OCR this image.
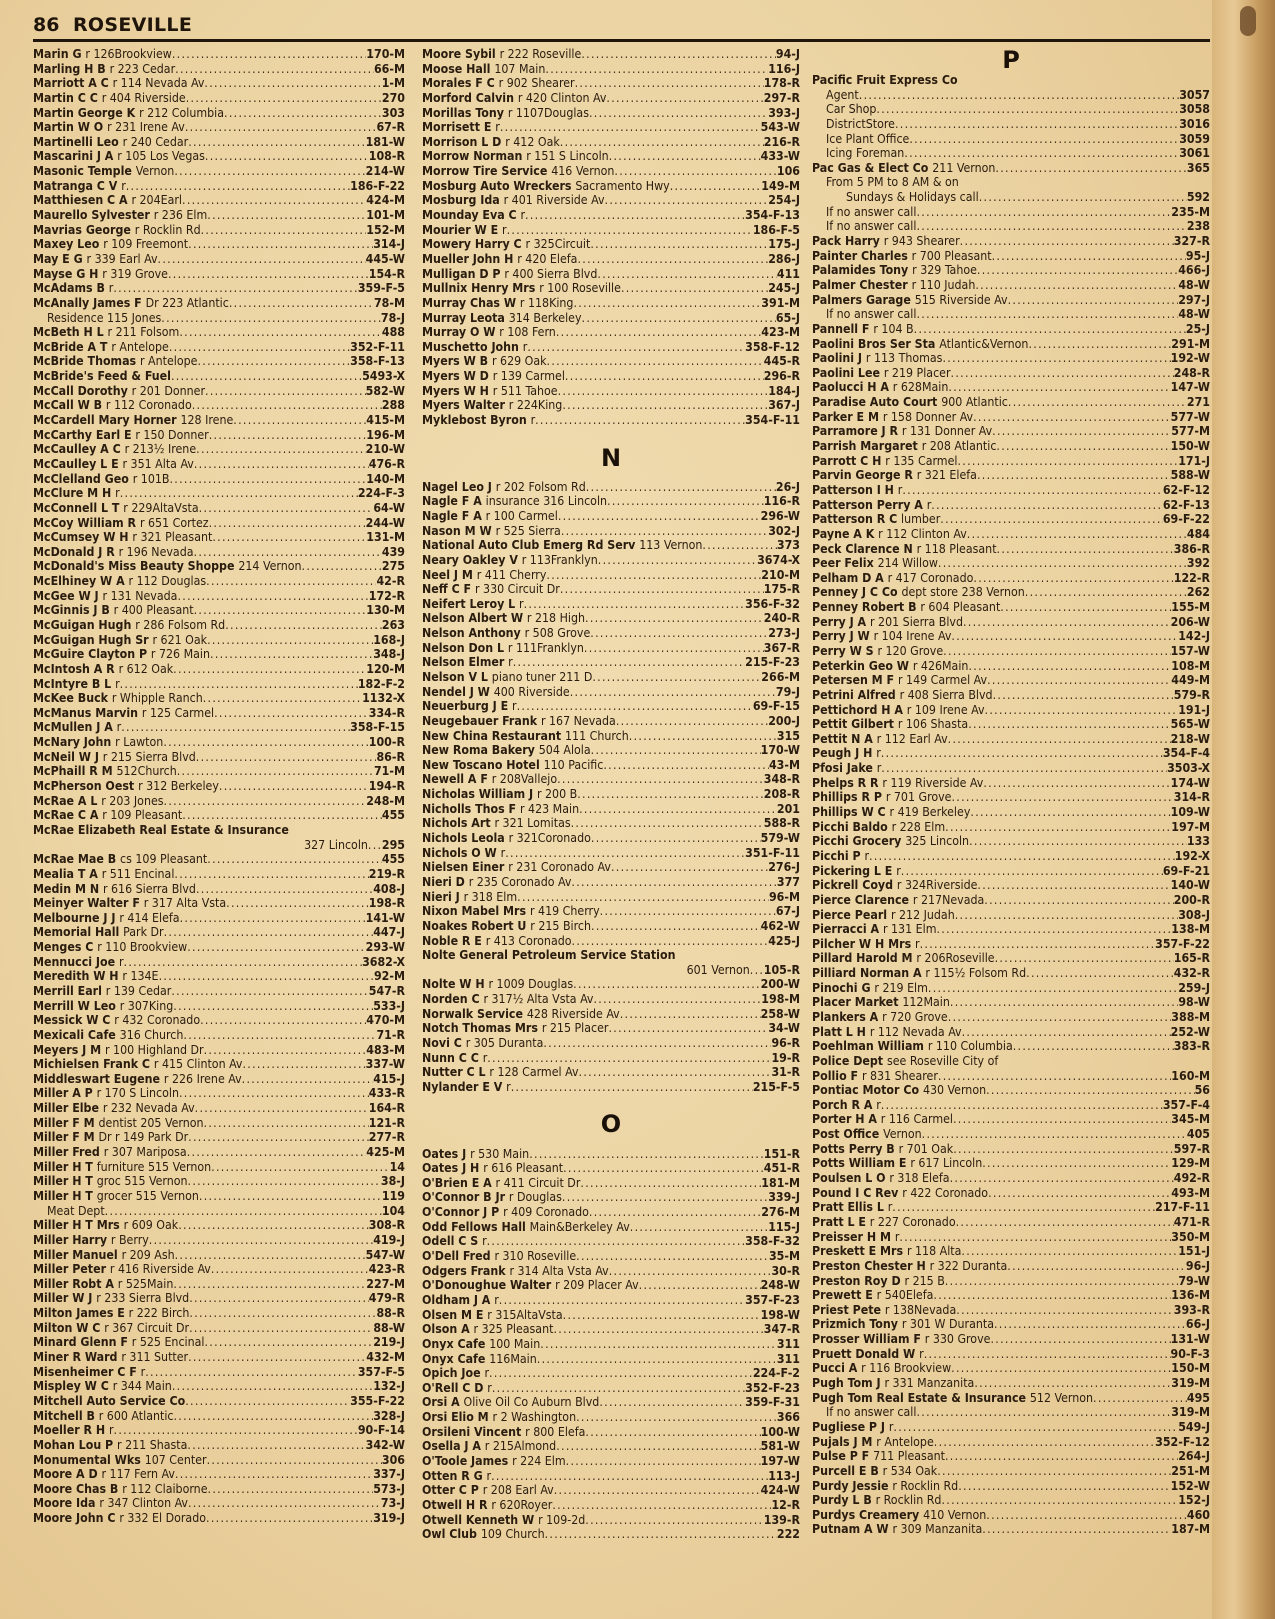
86 ROSEVILLE
Marin G r 126Brookview .....	170-M
Marling H B r 223 Cedar .....	66-M
Marriott A C r 114 Nevada Av .....	1-M
Martin C C r 404 Riverside .....	270
Martin George K r 212 Columbia .....	303
Martin W O r 231 Irene Av .....	67-R
Martinelli Leo r 240 Cedar .....	181-W
Mascarini J A r 105 Los Vegas .....	108-R
Masonic Temple Vernon .....	214-W
Matranga C V r .....	186-F-22
Matthiesen C A r 204Earl .....	424-M
Maurello Sylvester r 236 Elm .....	101-M
Mavrias George r Rocklin Rd .....	152-M
Maxey Leo r 109 Freemont .....	314-J
May E G r 339 Earl Av .....	445-W
Mayse G H r 319 Grove .....	154-R
McAdams B r .....	359-F-5
McAnally James F Dr 223 Atlantic .....	78-M
Residence 115 Jones .....	78-J
McBeth H L r 211 Folsom .....	488
McBride A T r Antelope .....	352-F-11
McBride Thomas r Antelope .....	358-F-13
McBride's Feed & Fuel .....	5493-X
McCall Dorothy r 201 Donner .....	582-W
McCall W B r 112 Coronado .....	288
McCardell Mary Horner 128 Irene .....	415-M
McCarthy Earl E r 150 Donner .....	196-M
McCaulley A C r 213½ Irene .....	210-W
McCaulley L E r 351 Alta Av .....	476-R
McClelland Geo r 101B .....	140-M
McClure M H r .....	224-F-3
McConnell L T r 229AltaVsta .....	64-W
McCoy William R r 651 Cortez .....	244-W
McCumsey W H r 321 Pleasant .....	131-M
McDonald J R r 196 Nevada .....	439
McDonald's Miss Beauty Shoppe 214 Vernon .....	275
McElhiney W A r 112 Douglas .....	42-R
McGee W J r 131 Nevada .....	172-R
McGinnis J B r 400 Pleasant .....	130-M
McGuigan Hugh r 286 Folsom Rd .....	263
McGuigan Hugh Sr r 621 Oak .....	168-J
McGuire Clayton P r 726 Main .....	348-J
McIntosh A R r 612 Oak .....	120-M
McIntyre B L r .....	182-F-2
McKee Buck r Whipple Ranch .....	1132-X
McManus Marvin r 125 Carmel .....	334-R
McMullen J A r .....	358-F-15
McNary John r Lawton .....	100-R
McNeil W J r 215 Sierra Blvd .....	86-R
McPhaill R M 512Church .....	71-M
McPherson Oest r 312 Berkeley .....	194-R
McRae A L r 203 Jones .....	248-M
McRae C A r 109 Pleasant .....	455
McRae Elizabeth Real Estate & Insurance
327 Lincoln ..... 295
McRae Mae B cs 109 Pleasant .....	455
Mealia T A r 511 Encinal .....	219-R
Medin M N r 616 Sierra Blvd .....	408-J
Meinyer Walter F r 317 Alta Vsta .....	198-R
Melbourne J J r 414 Elefa .....	141-W
Memorial Hall Park Dr .....	447-J
Menges C r 110 Brookview .....	293-W
Mennucci Joe r .....	3682-X
Meredith W H r 134E .....	92-M
Merrill Earl r 139 Cedar .....	547-R
Merrill W Leo r 307King .....	533-J
Messick W C r 432 Coronado .....	470-M
Mexicali Cafe 316 Church .....	71-R
Meyers J M r 100 Highland Dr .....	483-M
Michielsen Frank C r 415 Clinton Av .....	337-W
Middleswart Eugene r 226 Irene Av .....	415-J
Miller A P r 170 S Lincoln .....	433-R
Miller Elbe r 232 Nevada Av .....	164-R
Miller F M dentist 205 Vernon .....	121-R
Miller F M Dr r 149 Park Dr .....	277-R
Miller Fred r 307 Mariposa .....	425-M
Miller H T furniture 515 Vernon .....	14
Miller H T groc 515 Vernon .....	38-J
Miller H T grocer 515 Vernon .....	119
Meat Dept .....	104
Miller H T Mrs r 609 Oak .....	308-R
Miller Harry r Berry .....	419-J
Miller Manuel r 209 Ash .....	547-W
Miller Peter r 416 Riverside Av .....	423-R
Miller Robt A r 525Main .....	227-M
Miller W J r 233 Sierra Blvd .....	479-R
Milton James E r 222 Birch .....	88-R
Milton W C r 367 Circuit Dr .....	88-W
Minard Glenn F r 525 Encinal .....	219-J
Miner R Ward r 311 Sutter .....	432-M
Misenheimer C F r .....	357-F-5
Mispley W C r 344 Main .....	132-J
Mitchell Auto Service Co .....	355-F-22
Mitchell B r 600 Atlantic .....	328-J
Moeller R H r .....	90-F-14
Mohan Lou P r 211 Shasta .....	342-W
Monumental Wks 107 Center .....	306
Moore A D r 117 Fern Av .....	337-J
Moore Chas B r 112 Claiborne .....	573-J
Moore Ida r 347 Clinton Av .....	73-J
Moore John C r 332 El Dorado .....	319-J
Moore Sybil r 222 Roseville .....	94-J
Moose Hall 107 Main .....	116-J
Morales F C r 902 Shearer .....	178-R
Morford Calvin r 420 Clinton Av .....	297-R
Morillas Tony r 1107Douglas .....	393-J
Morrisett E r .....	543-W
Morrison L D r 412 Oak .....	216-R
Morrow Norman r 151 S Lincoln .....	433-W
Morrow Tire Service 416 Vernon .....	106
Mosburg Auto Wreckers Sacramento Hwy .....	149-M
Mosburg Ida r 401 Riverside Av .....	254-J
Mounday Eva C r .....	354-F-13
Mourier W E r .....	186-F-5
Mowery Harry C r 325Circuit .....	175-J
Mueller John H r 420 Elefa .....	286-J
Mulligan D P r 400 Sierra Blvd .....	411
Mullnix Henry Mrs r 100 Roseville .....	245-J
Murray Chas W r 118King .....	391-M
Murray Leota 314 Berkeley .....	65-J
Murray O W r 108 Fern .....	423-M
Muschetto John r .....	358-F-12
Myers W B r 629 Oak .....	445-R
Myers W D r 139 Carmel .....	296-R
Myers W H r 511 Tahoe .....	184-J
Myers Walter r 224King .....	367-J
Myklebost Byron r .....	354-F-11
N
Nagel Leo J r 202 Folsom Rd .....	26-J
Nagle F A insurance 316 Lincoln .....	116-R
Nagle F A r 100 Carmel .....	296-W
Nason M W r 525 Sierra .....	302-J
National Auto Club Emerg Rd Serv 113 Vernon .....	373
Neary Oakley V r 113Franklyn .....	3674-X
Neel J M r 411 Cherry .....	210-M
Neff C F r 330 Circuit Dr .....	175-R
Neifert Leroy L r .....	356-F-32
Nelson Albert W r 218 High .....	240-R
Nelson Anthony r 508 Grove .....	273-J
Nelson Don L r 111Franklyn .....	367-R
Nelson Elmer r .....	215-F-23
Nelson V L piano tuner 211 D .....	266-M
Nendel J W 400 Riverside .....	79-J
Neuerburg J E r .....	69-F-15
Neugebauer Frank r 167 Nevada .....	200-J
New China Restaurant 111 Church .....	315
New Roma Bakery 504 Alola .....	170-W
New Toscano Hotel 110 Pacific .....	43-M
Newell A F r 208Vallejo .....	348-R
Nicholas William J r 200 B .....	208-R
Nicholls Thos F r 423 Main .....	201
Nichols Art r 321 Lomitas .....	588-R
Nichols Leola r 321Coronado .....	579-W
Nichols O W r .....	351-F-11
Nielsen Einer r 231 Coronado Av .....	276-J
Nieri D r 235 Coronado Av .....	377
Nieri J r 318 Elm .....	96-M
Nixon Mabel Mrs r 419 Cherry .....	67-J
Noakes Robert U r 215 Birch .....	462-W
Noble R E r 413 Coronado .....	425-J
Nolte General Petroleum Service Station
601 Vernon ..... 105-R
Nolte W H r 1009 Douglas .....	200-W
Norden C r 317½ Alta Vsta Av .....	198-M
Norwalk Service 428 Riverside Av .....	258-W
Notch Thomas Mrs r 215 Placer .....	34-W
Novi C r 305 Duranta .....	96-R
Nunn C C r .....	19-R
Nutter C L r 128 Carmel Av .....	31-R
Nylander E V r .....	215-F-5
O
Oates J r 530 Main .....	151-R
Oates J H r 616 Pleasant .....	451-R
O'Brien E A r 411 Circuit Dr .....	181-M
O'Connor B Jr r Douglas .....	339-J
O'Connor J P r 409 Coronado .....	276-M
Odd Fellows Hall Main&Berkeley Av .....	115-J
Odell C S r .....	358-F-32
O'Dell Fred r 310 Roseville .....	35-M
Odgers Frank r 314 Alta Vsta Av .....	30-R
O'Donoughue Walter r 209 Placer Av .....	248-W
Oldham J A r .....	357-F-23
Olsen M E r 315AltaVsta .....	198-W
Olson A r 325 Pleasant .....	347-R
Onyx Cafe 100 Main .....	311
Onyx Cafe 116Main .....	311
Opich Joe r .....	224-F-2
O'Rell C D r .....	352-F-23
Orsi A Olive Oil Co Auburn Blvd .....	359-F-31
Orsi Elio M r 2 Washington .....	366
Orsileni Vincent r 800 Elefa .....	100-W
Osella J A r 215Almond .....	581-W
O'Toole James r 224 Elm .....	197-W
Otten R G r .....	113-J
Otter C P r 208 Earl Av .....	424-W
Otwell H R r 620Royer .....	12-R
Otwell Kenneth W r 109-2d .....	139-R
Owl Club 109 Church .....	222
P
Pacific Fruit Express Co
Agent .....	3057
Car Shop .....	3058
DistrictStore .....	3016
Ice Plant Office .....	3059
Icing Foreman .....	3061
Pac Gas & Elect Co 211 Vernon .....	365
From 5 PM to 8 AM & on
Sundays & Holidays call .....	592
If no answer call .....	235-M
If no answer call .....	238
Pack Harry r 943 Shearer .....	327-R
Painter Charles r 700 Pleasant .....	95-J
Palamides Tony r 329 Tahoe .....	466-J
Palmer Chester r 110 Judah .....	48-W
Palmers Garage 515 Riverside Av .....	297-J
If no answer call .....	48-W
Pannell F r 104 B .....	25-J
Paolini Bros Ser Sta Atlantic&Vernon .....	291-M
Paolini J r 113 Thomas .....	192-W
Paolini Lee r 219 Placer .....	248-R
Paolucci H A r 628Main .....	147-W
Paradise Auto Court 900 Atlantic .....	271
Parker E M r 158 Donner Av .....	577-W
Parramore J R r 131 Donner Av .....	577-M
Parrish Margaret r 208 Atlantic .....	150-W
Parrott C H r 135 Carmel .....	171-J
Parvin George R r 321 Elefa .....	588-W
Patterson I H r .....	62-F-12
Patterson Perry A r .....	62-F-13
Patterson R C lumber .....	69-F-22
Payne A K r 112 Clinton Av .....	484
Peck Clarence N r 118 Pleasant .....	386-R
Peer Felix 214 Willow .....	392
Pelham D A r 417 Coronado .....	122-R
Penney J C Co dept store 238 Vernon .....	262
Penney Robert B r 604 Pleasant .....	155-M
Perry J A r 201 Sierra Blvd .....	206-W
Perry J W r 104 Irene Av .....	142-J
Perry W S r 120 Grove .....	157-W
Peterkin Geo W r 426Main .....	108-M
Petersen M F r 149 Carmel Av .....	449-M
Petrini Alfred r 408 Sierra Blvd .....	579-R
Pettichord H A r 109 Irene Av .....	191-J
Pettit Gilbert r 106 Shasta .....	565-W
Pettit N A r 112 Earl Av .....	218-W
Peugh J H r .....	354-F-4
Pfosi Jake r .....	3503-X
Phelps R R r 119 Riverside Av .....	174-W
Phillips R P r 701 Grove .....	314-R
Phillips W C r 419 Berkeley .....	109-W
Picchi Baldo r 228 Elm .....	197-M
Picchi Grocery 325 Lincoln .....	133
Picchi P r .....	192-X
Pickering L E r .....	69-F-21
Pickrell Coyd r 324Riverside .....	140-W
Pierce Clarence r 217Nevada .....	200-R
Pierce Pearl r 212 Judah .....	308-J
Pierracci A r 131 Elm .....	138-M
Pilcher W H Mrs r .....	357-F-22
Pillard Harold M r 206Roseville .....	165-R
Pilliard Norman A r 115½ Folsom Rd .....	432-R
Pinochi G r 219 Elm .....	259-J
Placer Market 112Main .....	98-W
Plankers A r 720 Grove .....	388-M
Platt L H r 112 Nevada Av .....	252-W
Poehlman William r 110 Columbia .....	383-R
Police Dept see Roseville City of
Pollio F r 831 Shearer .....	160-M
Pontiac Motor Co 430 Vernon .....	56
Porch R A r .....	357-F-4
Porter H A r 116 Carmel .....	345-M
Post Office Vernon .....	405
Potts Perry B r 701 Oak .....	597-R
Potts William E r 617 Lincoln .....	129-M
Poulsen L O r 318 Elefa .....	492-R
Pound I C Rev r 422 Coronado .....	493-M
Pratt Ellis L r .....	217-F-11
Pratt L E r 227 Coronado .....	471-R
Preisser H M r .....	350-M
Preskett E Mrs r 118 Alta .....	151-J
Preston Chester H r 322 Duranta .....	96-J
Preston Roy D r 215 B .....	79-W
Prewett E r 540Elefa .....	136-M
Priest Pete r 138Nevada .....	393-R
Prizmich Tony r 301 W Duranta .....	66-J
Prosser William F r 330 Grove .....	131-W
Pruett Donald W r .....	90-F-3
Pucci A r 116 Brookview .....	150-M
Pugh Tom J r 331 Manzanita .....	319-M
Pugh Tom Real Estate & Insurance 512 Vernon .....	495
If no answer call .....	319-M
Pugliese P J r .....	549-J
Pujals J M r Antelope .....	352-F-12
Pulse P F 711 Pleasant .....	264-J
Purcell E B r 534 Oak .....	251-M
Purdy Jessie r Rocklin Rd .....	152-W
Purdy L B r Rocklin Rd .....	152-J
Purdys Creamery 410 Vernon .....	460
Putnam A W r 309 Manzanita .....	187-M
